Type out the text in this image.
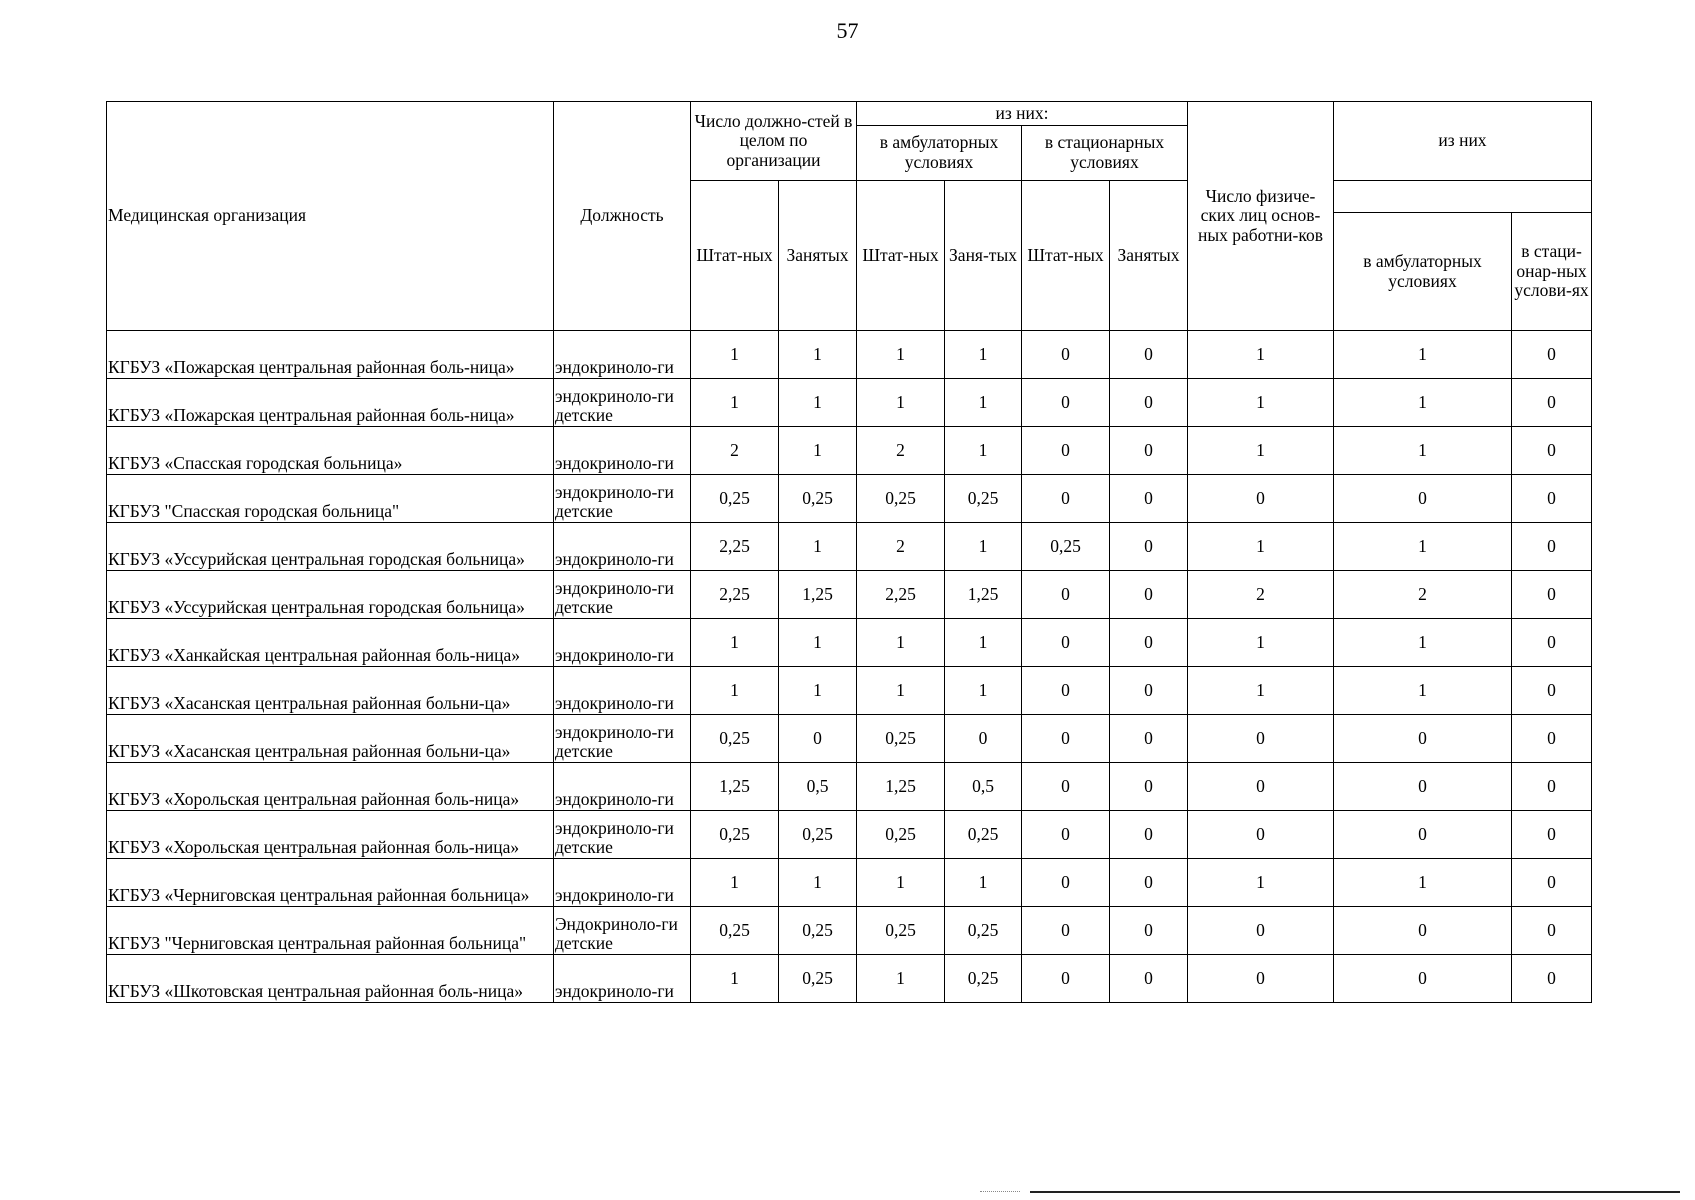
57
Медицинская организация	Должность	Число должно-стей в целом по организации		из них:				Число физиче-ских лиц основ-ных работни-ков	из них	
				в амбулаторных условиях		в стационарных условиях				
		Штат-ных	Занятых	Штат-ных	Заня-тых	Штат-ных	Занятых			
									в амбулаторных условиях	в стаци-онар-ных услови-ях
КГБУЗ «Пожарская центральная районная боль-ница»	эндокриноло-ги	1	1	1	1	0	0	1	1	0
КГБУЗ «Пожарская центральная районная боль-ница»	эндокриноло-ги детские	1	1	1	1	0	0	1	1	0
КГБУЗ «Спасская городская больница»	эндокриноло-ги	2	1	2	1	0	0	1	1	0
КГБУЗ "Спасская городская больница"	эндокриноло-ги детские	0,25	0,25	0,25	0,25	0	0	0	0	0
КГБУЗ «Уссурийская центральная городская больница»	эндокриноло-ги	2,25	1	2	1	0,25	0	1	1	0
КГБУЗ «Уссурийская центральная городская больница»	эндокриноло-ги детские	2,25	1,25	2,25	1,25	0	0	2	2	0
КГБУЗ «Ханкайская центральная районная боль-ница»	эндокриноло-ги	1	1	1	1	0	0	1	1	0
КГБУЗ «Хасанская центральная районная больни-ца»	эндокриноло-ги	1	1	1	1	0	0	1	1	0
КГБУЗ «Хасанская центральная районная больни-ца»	эндокриноло-ги детские	0,25	0	0,25	0	0	0	0	0	0
КГБУЗ «Хорольская центральная районная боль-ница»	эндокриноло-ги	1,25	0,5	1,25	0,5	0	0	0	0	0
КГБУЗ «Хорольская центральная районная боль-ница»	эндокриноло-ги детские	0,25	0,25	0,25	0,25	0	0	0	0	0
КГБУЗ «Черниговская центральная районная больница»	эндокриноло-ги	1	1	1	1	0	0	1	1	0
КГБУЗ "Черниговская центральная районная больница"	Эндокриноло-ги детские	0,25	0,25	0,25	0,25	0	0	0	0	0
КГБУЗ «Шкотовская центральная районная боль-ница»	эндокриноло-ги	1	0,25	1	0,25	0	0	0	0	0
